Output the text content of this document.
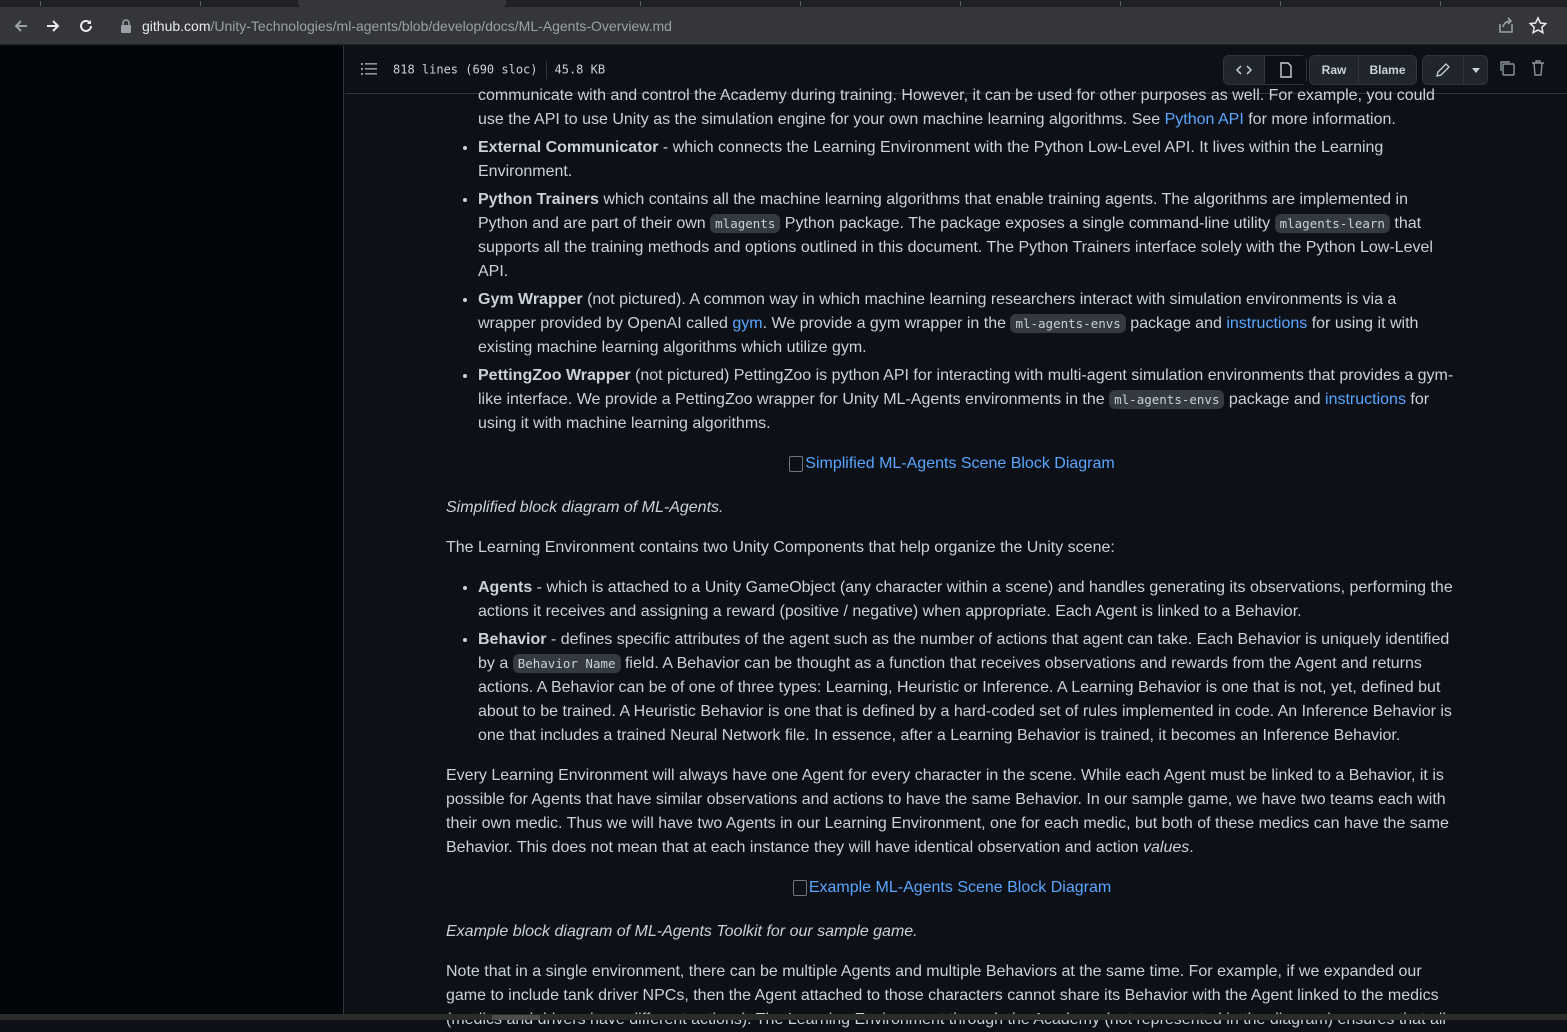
github.com/Unity-Technologies/ml-agents/blob/develop/docs/ML-Agents-Overview.md
818 lines (690 sloc) 45.8 KB	Raw	Blame
communicate with and control the Academy during training. However, it can be used for other purposes as well. For example, you could use the API to use Unity as the simulation engine for your own machine learning algorithms. See Python API for more information.
• External Communicator - which connects the Learning Environment with the Python Low-Level API. It lives within the Learning Environment.
• Python Trainers which contains all the machine learning algorithms that enable training agents. The algorithms are implemented in Python and are part of their own mlagents Python package. The package exposes a single command-line utility mlagents-learn that supports all the training methods and options outlined in this document. The Python Trainers interface solely with the Python Low-Level API.
• Gym Wrapper (not pictured). A common way in which machine learning researchers interact with simulation environments is via a wrapper provided by OpenAI called gym. We provide a gym wrapper in the ml-agents-envs package and instructions for using it with existing machine learning algorithms which utilize gym.
• PettingZoo Wrapper (not pictured) PettingZoo is python API for interacting with multi-agent simulation environments that provides a gym-like interface. We provide a PettingZoo wrapper for Unity ML-Agents environments in the ml-agents-envs package and instructions for using it with machine learning algorithms.

Simplified ML-Agents Scene Block Diagram

Simplified block diagram of ML-Agents.

The Learning Environment contains two Unity Components that help organize the Unity scene:

• Agents - which is attached to a Unity GameObject (any character within a scene) and handles generating its observations, performing the actions it receives and assigning a reward (positive / negative) when appropriate. Each Agent is linked to a Behavior.
• Behavior - defines specific attributes of the agent such as the number of actions that agent can take. Each Behavior is uniquely identified by a Behavior Name field. A Behavior can be thought as a function that receives observations and rewards from the Agent and returns actions. A Behavior can be of one of three types: Learning, Heuristic or Inference. A Learning Behavior is one that is not, yet, defined but about to be trained. A Heuristic Behavior is one that is defined by a hard-coded set of rules implemented in code. An Inference Behavior is one that includes a trained Neural Network file. In essence, after a Learning Behavior is trained, it becomes an Inference Behavior.

Every Learning Environment will always have one Agent for every character in the scene. While each Agent must be linked to a Behavior, it is possible for Agents that have similar observations and actions to have the same Behavior. In our sample game, we have two teams each with their own medic. Thus we will have two Agents in our Learning Environment, one for each medic, but both of these medics can have the same Behavior. This does not mean that at each instance they will have identical observation and action values.

Example ML-Agents Scene Block Diagram

Example block diagram of ML-Agents Toolkit for our sample game.

Note that in a single environment, there can be multiple Agents and multiple Behaviors at the same time. For example, if we expanded our game to include tank driver NPCs, then the Agent attached to those characters cannot share its Behavior with the Agent linked to the medics
